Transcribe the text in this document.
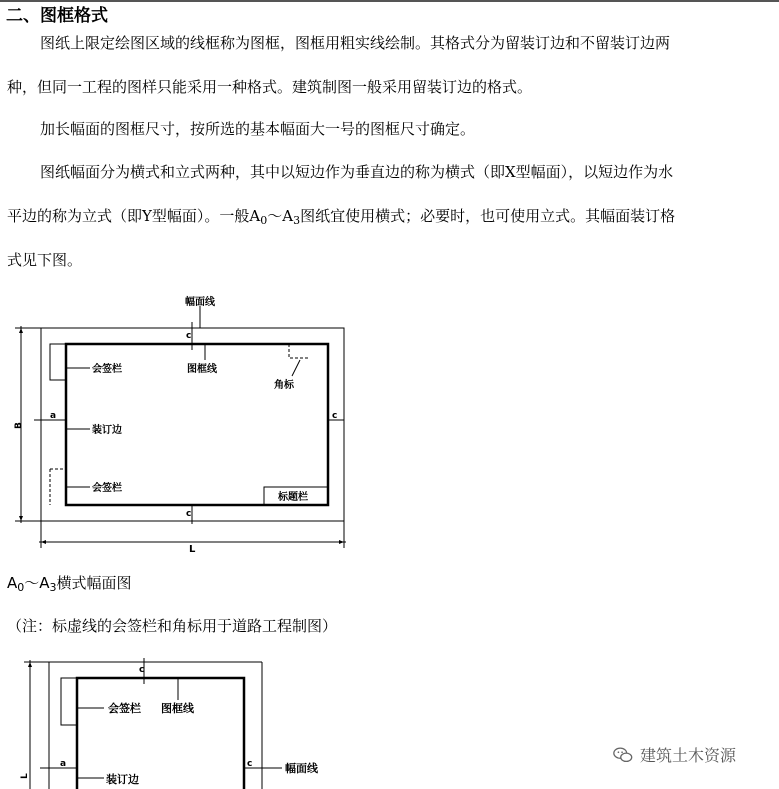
二、图框格式
图纸上限定绘图区域的线框称为图框，图框用粗实线绘制。其格式分为留装订边和不留装订边两
种，但同一工程的图样只能采用一种格式。建筑制图一般采用留装订边的格式。
加长幅面的图框尺寸，按所选的基本幅面大一号的图框尺寸确定。
图纸幅面分为横式和立式两种，其中以短边作为垂直边的称为横式（即X型幅面），以短边作为水
平边的称为立式（即Y型幅面）。一般$A_0\sim A_3$图纸宜使用横式；必要时，也可使用立式。其幅面装订格
式见下图。
幅面线
图框线
会签栏
角标
装订边
会签栏
标题栏
a
c
c
c
B
L
会签栏 图框线
幅面线
装订边
a
c
c
L
$A_0\sim A_3$横式幅面图
（注：标虚线的会签栏和角标用于道路工程制图）
建筑土木资源
